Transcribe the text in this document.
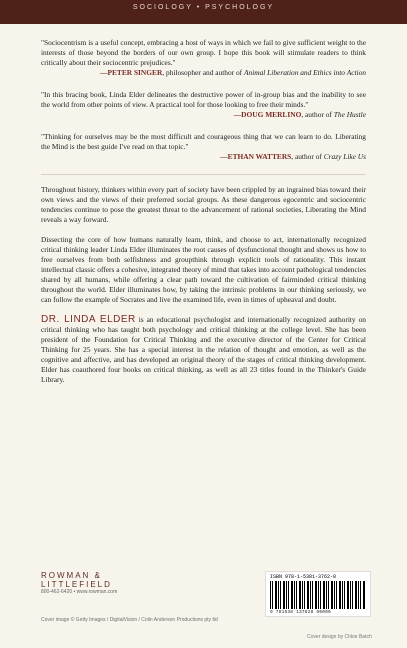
SOCIOLOGY • PSYCHOLOGY

"Sociocentrism is a useful concept, embracing a host of ways in which we fail to give sufficient weight to the interests of those beyond the borders of our own group. I hope this book will stimulate readers to think critically about their sociocentric prejudices."

—PETER SINGER, philosopher and author of Animal Liberation and Ethics into Action

"In this bracing book, Linda Elder delineates the destructive power of in-group bias and the inability to see the world from other points of view. A practical tool for those looking to free their minds."

—DOUG MERLINO, author of The Hustle

"Thinking for ourselves may be the most difficult and courageous thing that we can learn to do. Liberating the Mind is the best guide I've read on that topic."

—ETHAN WATTERS, author of Crazy Like Us

Throughout history, thinkers within every part of society have been crippled by an ingrained bias toward their own views and the views of their preferred social groups. As these dangerous egocentric and sociocentric tendencies continue to pose the greatest threat to the advancement of rational societies, Liberating the Mind reveals a way forward.

Dissecting the core of how humans naturally learn, think, and choose to act, internationally recognized critical thinking leader Linda Elder illuminates the root causes of dysfunctional thought and shows us how to free ourselves from both selfishness and groupthink through explicit tools of rationality. This instant intellectual classic offers a cohesive, integrated theory of mind that takes into account pathological tendencies shared by all humans, while offering a clear path toward the cultivation of fairminded critical thinking throughout the world. Elder illuminates how, by taking the intrinsic problems in our thinking seriously, we can follow the example of Socrates and live the examined life, even in times of upheaval and doubt.

DR. LINDA ELDER is an educational psychologist and internationally recognized authority on critical thinking who has taught both psychology and critical thinking at the college level. She has been president of the Foundation for Critical Thinking and the executive director of the Center for Critical Thinking for 25 years. She has a special interest in the relation of thought and emotion, as well as the cognitive and affective, and has developed an original theory of the stages of critical thinking development. Elder has coauthored four books on critical thinking, as well as all 23 titles found in the Thinker's Guide Library.

ROWMAN &
LITTLEFIELD
800-462-6420 • www.rowman.com
Cover image © Getty Images / DigitalVision / Colin Anderson Productions pty ltd
ISBN 978-1-5381-3762-8
9 781538 137628 90000
Cover design by Chloe Batch
